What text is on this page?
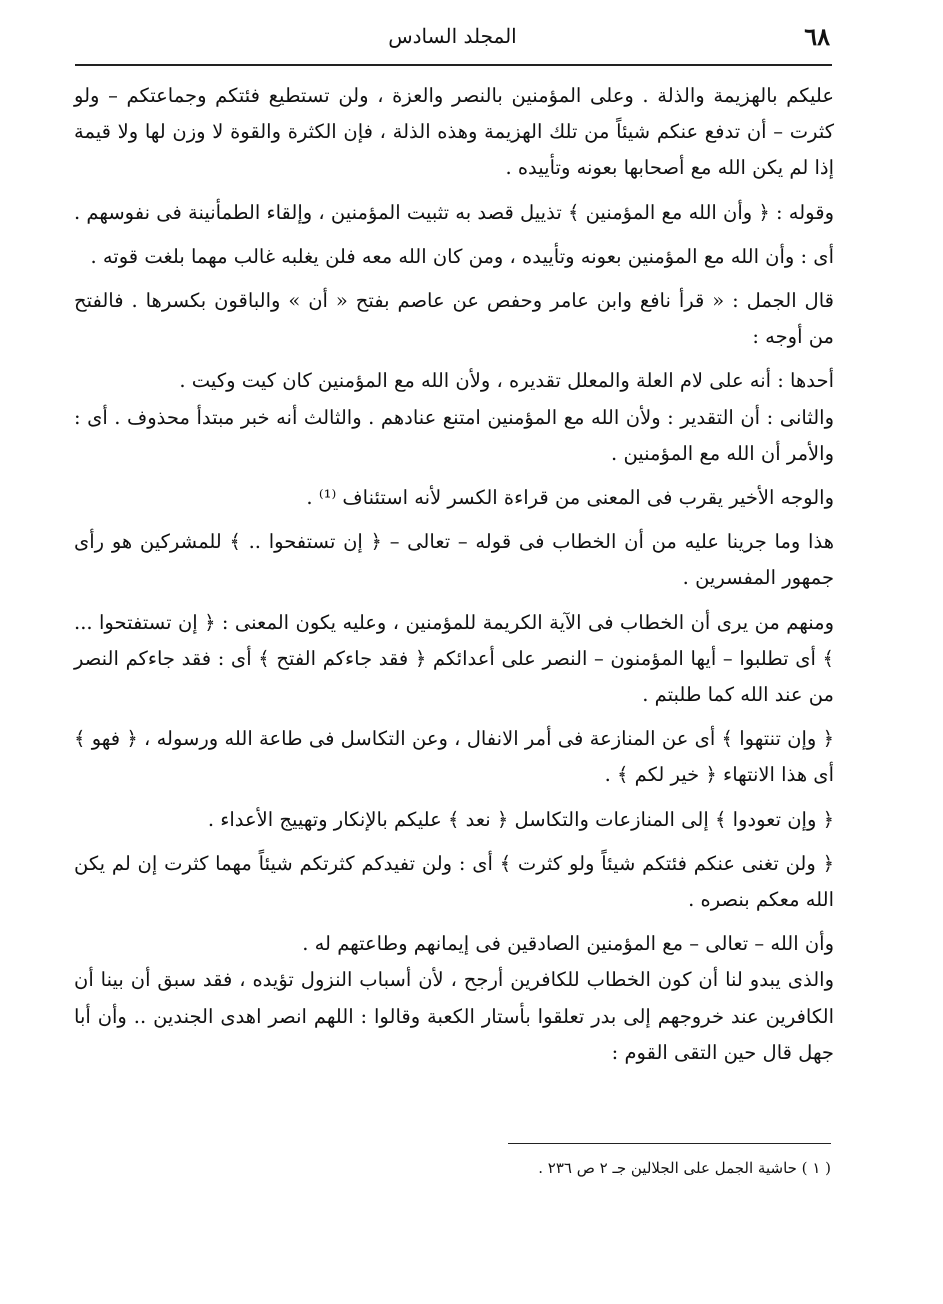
٦٨
المجلد السادس

عليكم بالهزيمة والذلة . وعلى المؤمنين بالنصر والعزة ، ولن تستطيع فئتكم وجماعتكم – ولو كثرت – أن تدفع عنكم شيئاً من تلك الهزيمة وهذه الذلة ، فإن الكثرة والقوة لا وزن لها ولا قيمة إذا لم يكن الله مع أصحابها بعونه وتأييده .

وقوله : ﴿ وأن الله مع المؤمنين ﴾ تذييل قصد به تثبيت المؤمنين ، وإلقاء الطمأنينة فى نفوسهم .

أى : وأن الله مع المؤمنين بعونه وتأييده ، ومن كان الله معه فلن يغلبه غالب مهما بلغت قوته .

قال الجمل : « قرأ نافع وابن عامر وحفص عن عاصم بفتح « أن » والباقون بكسرها . فالفتح من أوجه :

أحدها : أنه على لام العلة والمعلل تقديره ، ولأن الله مع المؤمنين كان كيت وكيت .

والثانى : أن التقدير : ولأن الله مع المؤمنين امتنع عنادهم . والثالث أنه خبر مبتدأ محذوف . أى : والأمر أن الله مع المؤمنين .

والوجه الأخير يقرب فى المعنى من قراءة الكسر لأنه استئناف ⁽¹⁾ .

هذا وما جرينا عليه من أن الخطاب فى قوله – تعالى – ﴿ إن تستفحوا .. ﴾ للمشركين هو رأى جمهور المفسرين .

ومنهم من يرى أن الخطاب فى الآية الكريمة للمؤمنين ، وعليه يكون المعنى : ﴿ إن تستفتحوا ... ﴾ أى تطلبوا – أيها المؤمنون – النصر على أعدائكم ﴿ فقد جاءكم الفتح ﴾ أى : فقد جاءكم النصر من عند الله كما طلبتم .

﴿ وإن تنتهوا ﴾ أى عن المنازعة فى أمر الانفال ، وعن التكاسل فى طاعة الله ورسوله ، ﴿ فهو ﴾ أى هذا الانتهاء ﴿ خير لكم ﴾ .

﴿ وإن تعودوا ﴾ إلى المنازعات والتكاسل ﴿ نعد ﴾ عليكم بالإنكار وتهييج الأعداء .

﴿ ولن تغنى عنكم فئتكم شيئاً ولو كثرت ﴾ أى : ولن تفيدكم كثرتكم شيئاً مهما كثرت إن لم يكن الله معكم بنصره .

وأن الله – تعالى – مع المؤمنين الصادقين فى إيمانهم وطاعتهم له .

والذى يبدو لنا أن كون الخطاب للكافرين أرجح ، لأن أسباب النزول تؤيده ، فقد سبق أن بينا أن الكافرين عند خروجهم إلى بدر تعلقوا بأستار الكعبة وقالوا : اللهم انصر اهدى الجندين .. وأن أبا جهل قال حين التقى القوم :

( ١ ) حاشية الجمل على الجلالين جـ ٢ ص ٢٣٦ .
